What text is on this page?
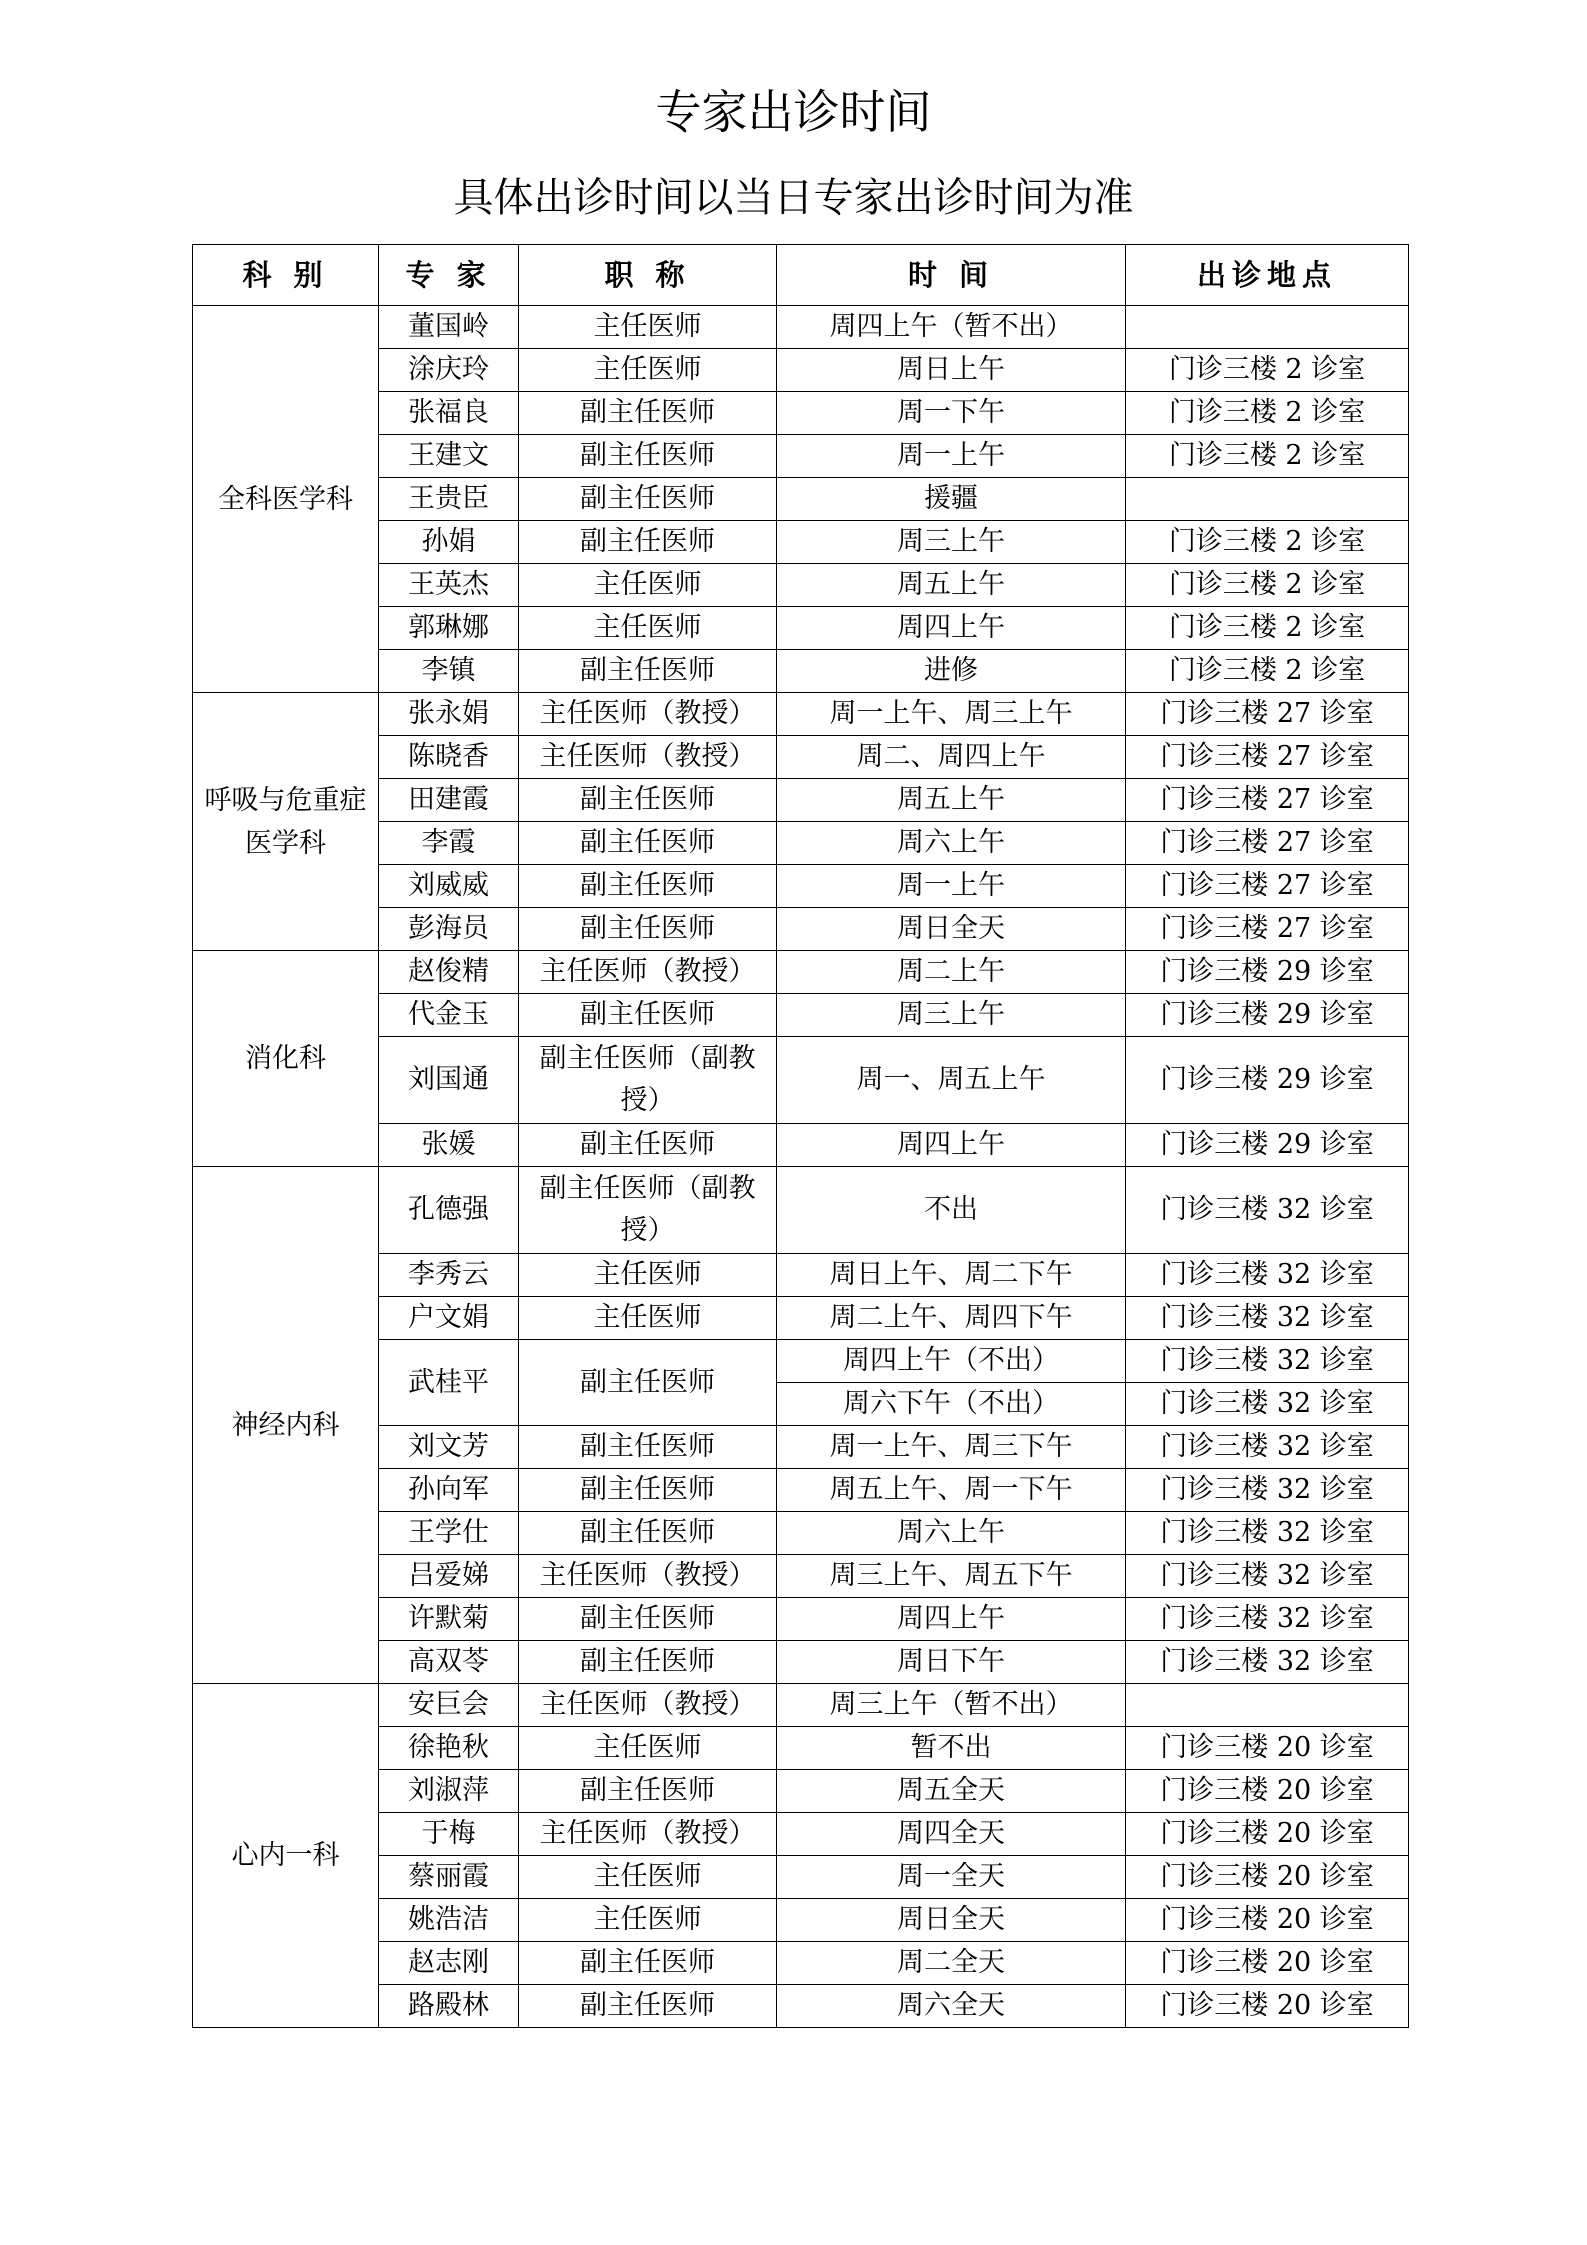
专家出诊时间
具体出诊时间以当日专家出诊时间为准
科 别	专 家	职 称	时 间	出诊地点
全科医学科	董国岭	主任医师	周四上午（暂不出）	
	涂庆玲	主任医师	周日上午	门诊三楼 2 诊室
	张福良	副主任医师	周一下午	门诊三楼 2 诊室
	王建文	副主任医师	周一上午	门诊三楼 2 诊室
	王贵臣	副主任医师	援疆	
	孙娟	副主任医师	周三上午	门诊三楼 2 诊室
	王英杰	主任医师	周五上午	门诊三楼 2 诊室
	郭琳娜	主任医师	周四上午	门诊三楼 2 诊室
	李镇	副主任医师	进修	门诊三楼 2 诊室
呼吸与危重症医学科	张永娟	主任医师（教授）	周一上午、周三上午	门诊三楼 27 诊室
	陈晓香	主任医师（教授）	周二、周四上午	门诊三楼 27 诊室
	田建霞	副主任医师	周五上午	门诊三楼 27 诊室
	李霞	副主任医师	周六上午	门诊三楼 27 诊室
	刘威威	副主任医师	周一上午	门诊三楼 27 诊室
	彭海员	副主任医师	周日全天	门诊三楼 27 诊室
消化科	赵俊精	主任医师（教授）	周二上午	门诊三楼 29 诊室
	代金玉	副主任医师	周三上午	门诊三楼 29 诊室
	刘国通	副主任医师（副教授）	周一、周五上午	门诊三楼 29 诊室
	张媛	副主任医师	周四上午	门诊三楼 29 诊室
神经内科	孔德强	副主任医师（副教授）	不出	门诊三楼 32 诊室
	李秀云	主任医师	周日上午、周二下午	门诊三楼 32 诊室
	户文娟	主任医师	周二上午、周四下午	门诊三楼 32 诊室
	武桂平	副主任医师	周四上午（不出）	门诊三楼 32 诊室
			周六下午（不出）	门诊三楼 32 诊室
	刘文芳	副主任医师	周一上午、周三下午	门诊三楼 32 诊室
	孙向军	副主任医师	周五上午、周一下午	门诊三楼 32 诊室
	王学仕	副主任医师	周六上午	门诊三楼 32 诊室
	吕爱娣	主任医师（教授）	周三上午、周五下午	门诊三楼 32 诊室
	许默菊	副主任医师	周四上午	门诊三楼 32 诊室
	高双苓	副主任医师	周日下午	门诊三楼 32 诊室
心内一科	安巨会	主任医师（教授）	周三上午（暂不出）	
	徐艳秋	主任医师	暂不出	门诊三楼 20 诊室
	刘淑萍	副主任医师	周五全天	门诊三楼 20 诊室
	于梅	主任医师（教授）	周四全天	门诊三楼 20 诊室
	蔡丽霞	主任医师	周一全天	门诊三楼 20 诊室
	姚浩洁	主任医师	周日全天	门诊三楼 20 诊室
	赵志刚	副主任医师	周二全天	门诊三楼 20 诊室
	路殿林	副主任医师	周六全天	门诊三楼 20 诊室
